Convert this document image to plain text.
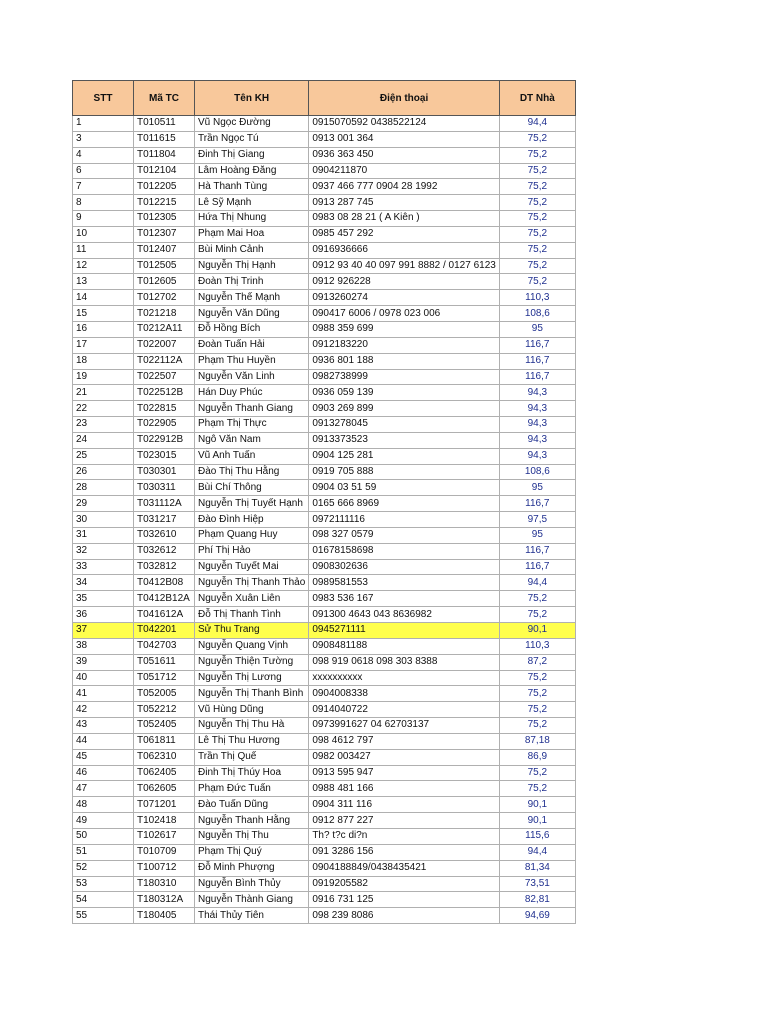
STT	Mã TC	Tên KH	Điện thoại	DT Nhà
1	T010511	Vũ Ngọc Đường	0915070592 0438522124	94,4
3	T011615	Trần Ngọc Tú	0913 001 364	75,2
4	T011804	Đinh Thị Giang	0936 363 450	75,2
6	T012104	Lâm Hoàng Đăng	0904211870	75,2
7	T012205	Hà Thanh Tùng	0937 466 777 0904 28 1992	75,2
8	T012215	Lê Sỹ Mạnh	0913 287 745	75,2
9	T012305	Hứa Thị Nhung	0983 08 28 21 ( A Kiên )	75,2
10	T012307	Phạm Mai Hoa	0985 457 292	75,2
11	T012407	Bùi Minh Cảnh	0916936666	75,2
12	T012505	Nguyễn Thị Hạnh	0912 93 40 40 097 991 8882 / 0127 6123	75,2
13	T012605	Đoàn Thị Trinh	0912 926228	75,2
14	T012702	Nguyễn Thế Mạnh	0913260274	110,3
15	T021218	Nguyễn Văn Dũng	090417 6006 / 0978 023 006	108,6
16	T0212A11	Đỗ Hồng Bích	0988 359 699	95
17	T022007	Đoàn Tuấn Hải	0912183220	116,7
18	T022112A	Phạm Thu Huyền	0936 801 188	116,7
19	T022507	Nguyễn Văn Linh	0982738999	116,7
21	T022512B	Hán Duy Phúc	0936 059 139	94,3
22	T022815	Nguyễn Thanh Giang	0903 269 899	94,3
23	T022905	Phạm Thị Thực	0913278045	94,3
24	T022912B	Ngô Văn Nam	0913373523	94,3
25	T023015	Vũ Anh Tuấn	0904 125 281	94,3
26	T030301	Đào Thị Thu Hằng	0919 705 888	108,6
28	T030311	Bùi Chí Thông	0904 03 51 59	95
29	T031112A	Nguyễn Thị Tuyết Hạnh	0165 666 8969	116,7
30	T031217	Đào Đình Hiệp	0972111116	97,5
31	T032610	Phạm Quang Huy	098 327 0579	95
32	T032612	Phí Thị Hảo	01678158698	116,7
33	T032812	Nguyễn Tuyết Mai	0908302636	116,7
34	T0412B08	Nguyễn Thị Thanh Thảo	0989581553	94,4
35	T0412B12A	Nguyễn Xuân Liên	0983 536 167	75,2
36	T041612A	Đỗ Thị Thanh Tình	091300 4643 043 8636982	75,2
37	T042201	Sử Thu Trang	0945271111	90,1
38	T042703	Nguyễn Quang Vịnh	0908481188	110,3
39	T051611	Nguyễn Thiện Tường	098 919 0618 098 303 8388	87,2
40	T051712	Nguyễn Thị Lương	xxxxxxxxxx	75,2
41	T052005	Nguyễn Thị Thanh Bình	0904008338	75,2
42	T052212	Vũ Hùng Dũng	0914040722	75,2
43	T052405	Nguyễn Thị Thu Hà	0973991627 04 62703137	75,2
44	T061811	Lê Thị Thu Hương	098 4612 797	87,18
45	T062310	Trần Thị Quế	0982 003427	86,9
46	T062405	Đinh Thị Thúy Hoa	0913 595 947	75,2
47	T062605	Phạm Đức Tuấn	0988 481 166	75,2
48	T071201	Đào Tuấn Dũng	0904 311 116	90,1
49	T102418	Nguyễn Thanh Hằng	0912 877 227	90,1
50	T102617	Nguyễn Thị Thu	Th? t?c di?n	115,6
51	T010709	Phạm Thị Quý	091 3286 156	94,4
52	T100712	Đỗ Minh Phượng	0904188849/0438435421	81,34
53	T180310	Nguyễn Bình Thủy	0919205582	73,51
54	T180312A	Nguyễn Thành Giang	0916 731 125	82,81
55	T180405	Thái Thủy Tiên	098 239 8086	94,69
